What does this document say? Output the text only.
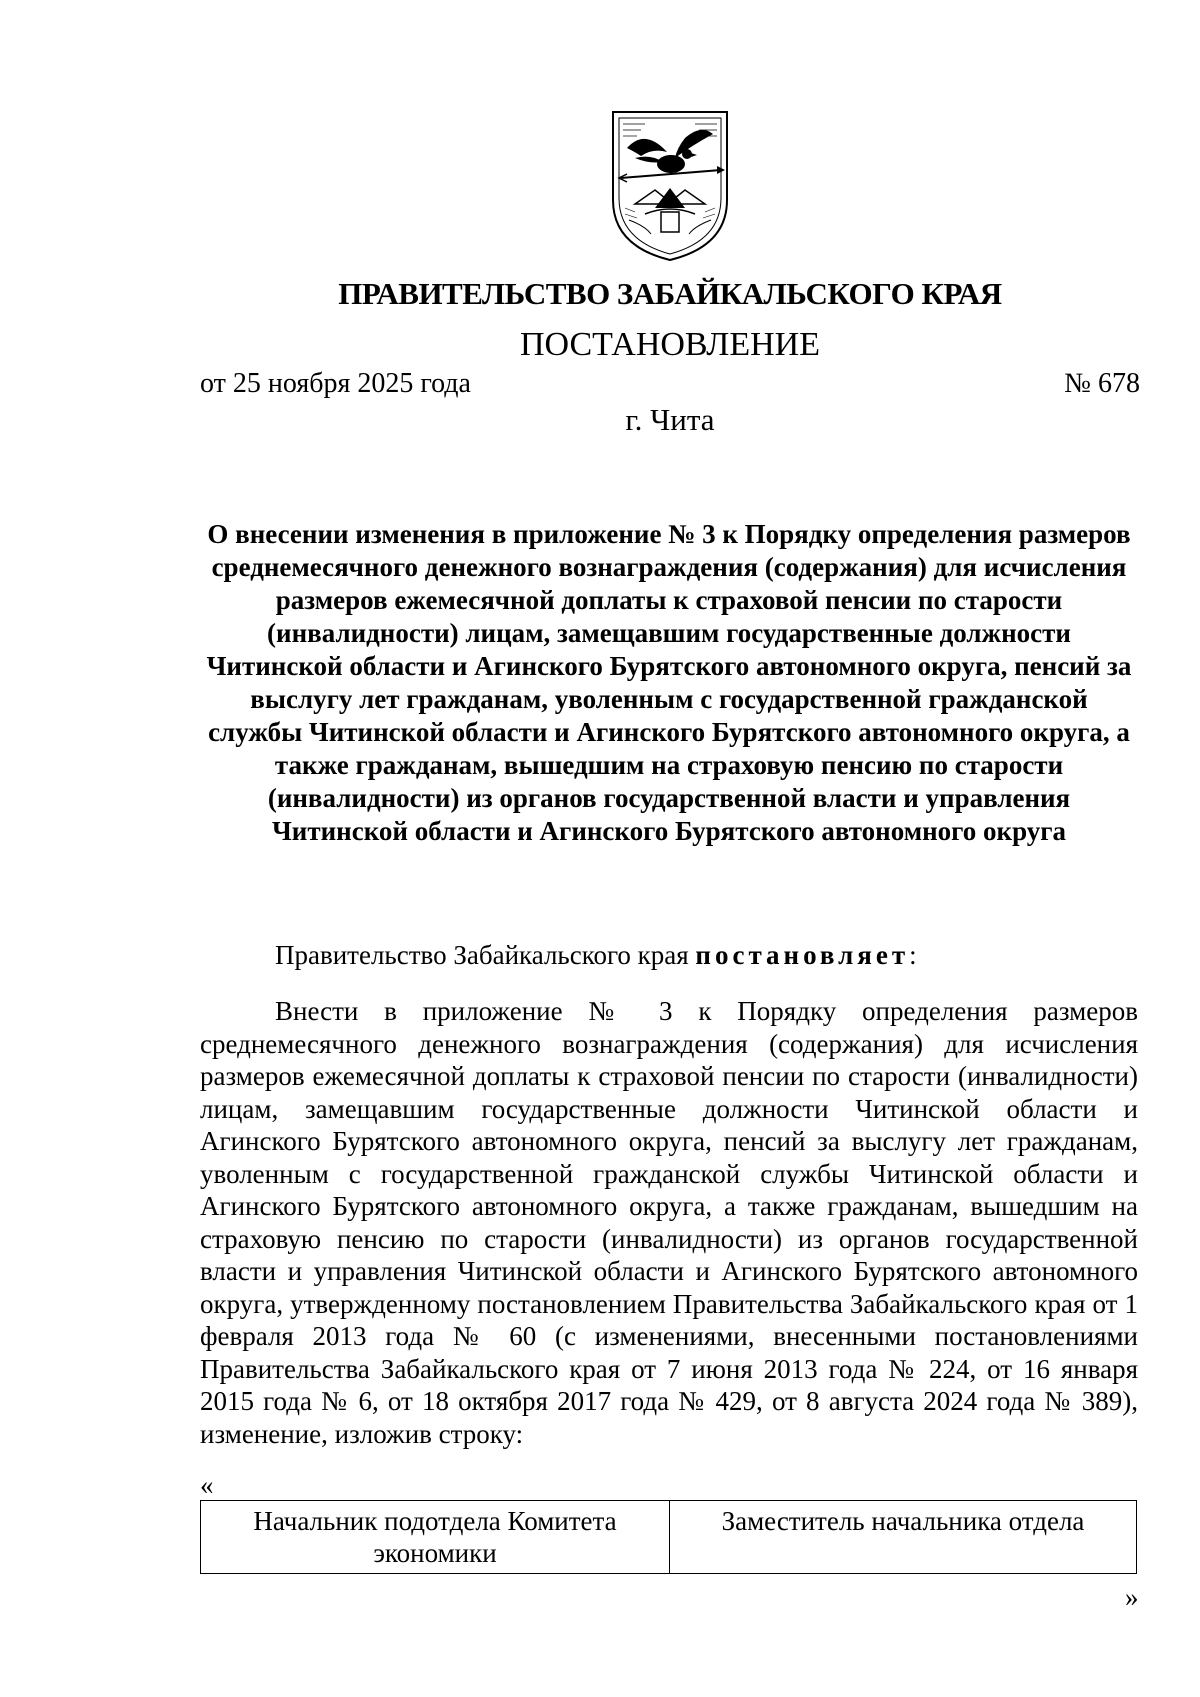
ПРАВИТЕЛЬСТВО ЗАБАЙКАЛЬСКОГО КРАЯ
ПОСТАНОВЛЕНИЕ
от 25 ноября 2025 года	№ 678
г. Чита
О внесении изменения в приложение № 3 к Порядку определения размеров среднемесячного денежного вознаграждения (содержания) для исчисления размеров ежемесячной доплаты к страховой пенсии по старости (инвалидности) лицам, замещавшим государственные должности Читинской области и Агинского Бурятского автономного округа, пенсий за выслугу лет гражданам, уволенным с государственной гражданской службы Читинской области и Агинского Бурятского автономного округа, а также гражданам, вышедшим на страховую пенсию по старости (инвалидности) из органов государственной власти и управления Читинской области и Агинского Бурятского автономного округа
Правительство Забайкальского края постановляет:

Внести в приложение № 3 к Порядку определения размеров среднемесячного денежного вознаграждения (содержания) для исчисления размеров ежемесячной доплаты к страховой пенсии по старости (инвалидности) лицам, замещавшим государственные должности Читинской области и Агинского Бурятского автономного округа, пенсий за выслугу лет гражданам, уволенным с государственной гражданской службы Читинской области и Агинского Бурятского автономного округа, а также гражданам, вышедшим на страховую пенсию по старости (инвалидности) из органов государственной власти и управления Читинской области и Агинского Бурятского автономного округа, утвержденному постановлением Правительства Забайкальского края от 1 февраля 2013 года № 60 (с изменениями, внесенными постановлениями Правительства Забайкальского края от 7 июня 2013 года № 224, от 16 января 2015 года № 6, от 18 октября 2017 года № 429, от 8 августа 2024 года № 389), изменение, изложив строку:

«
Начальник подотдела Комитета экономики	Заместитель начальника отдела
»
